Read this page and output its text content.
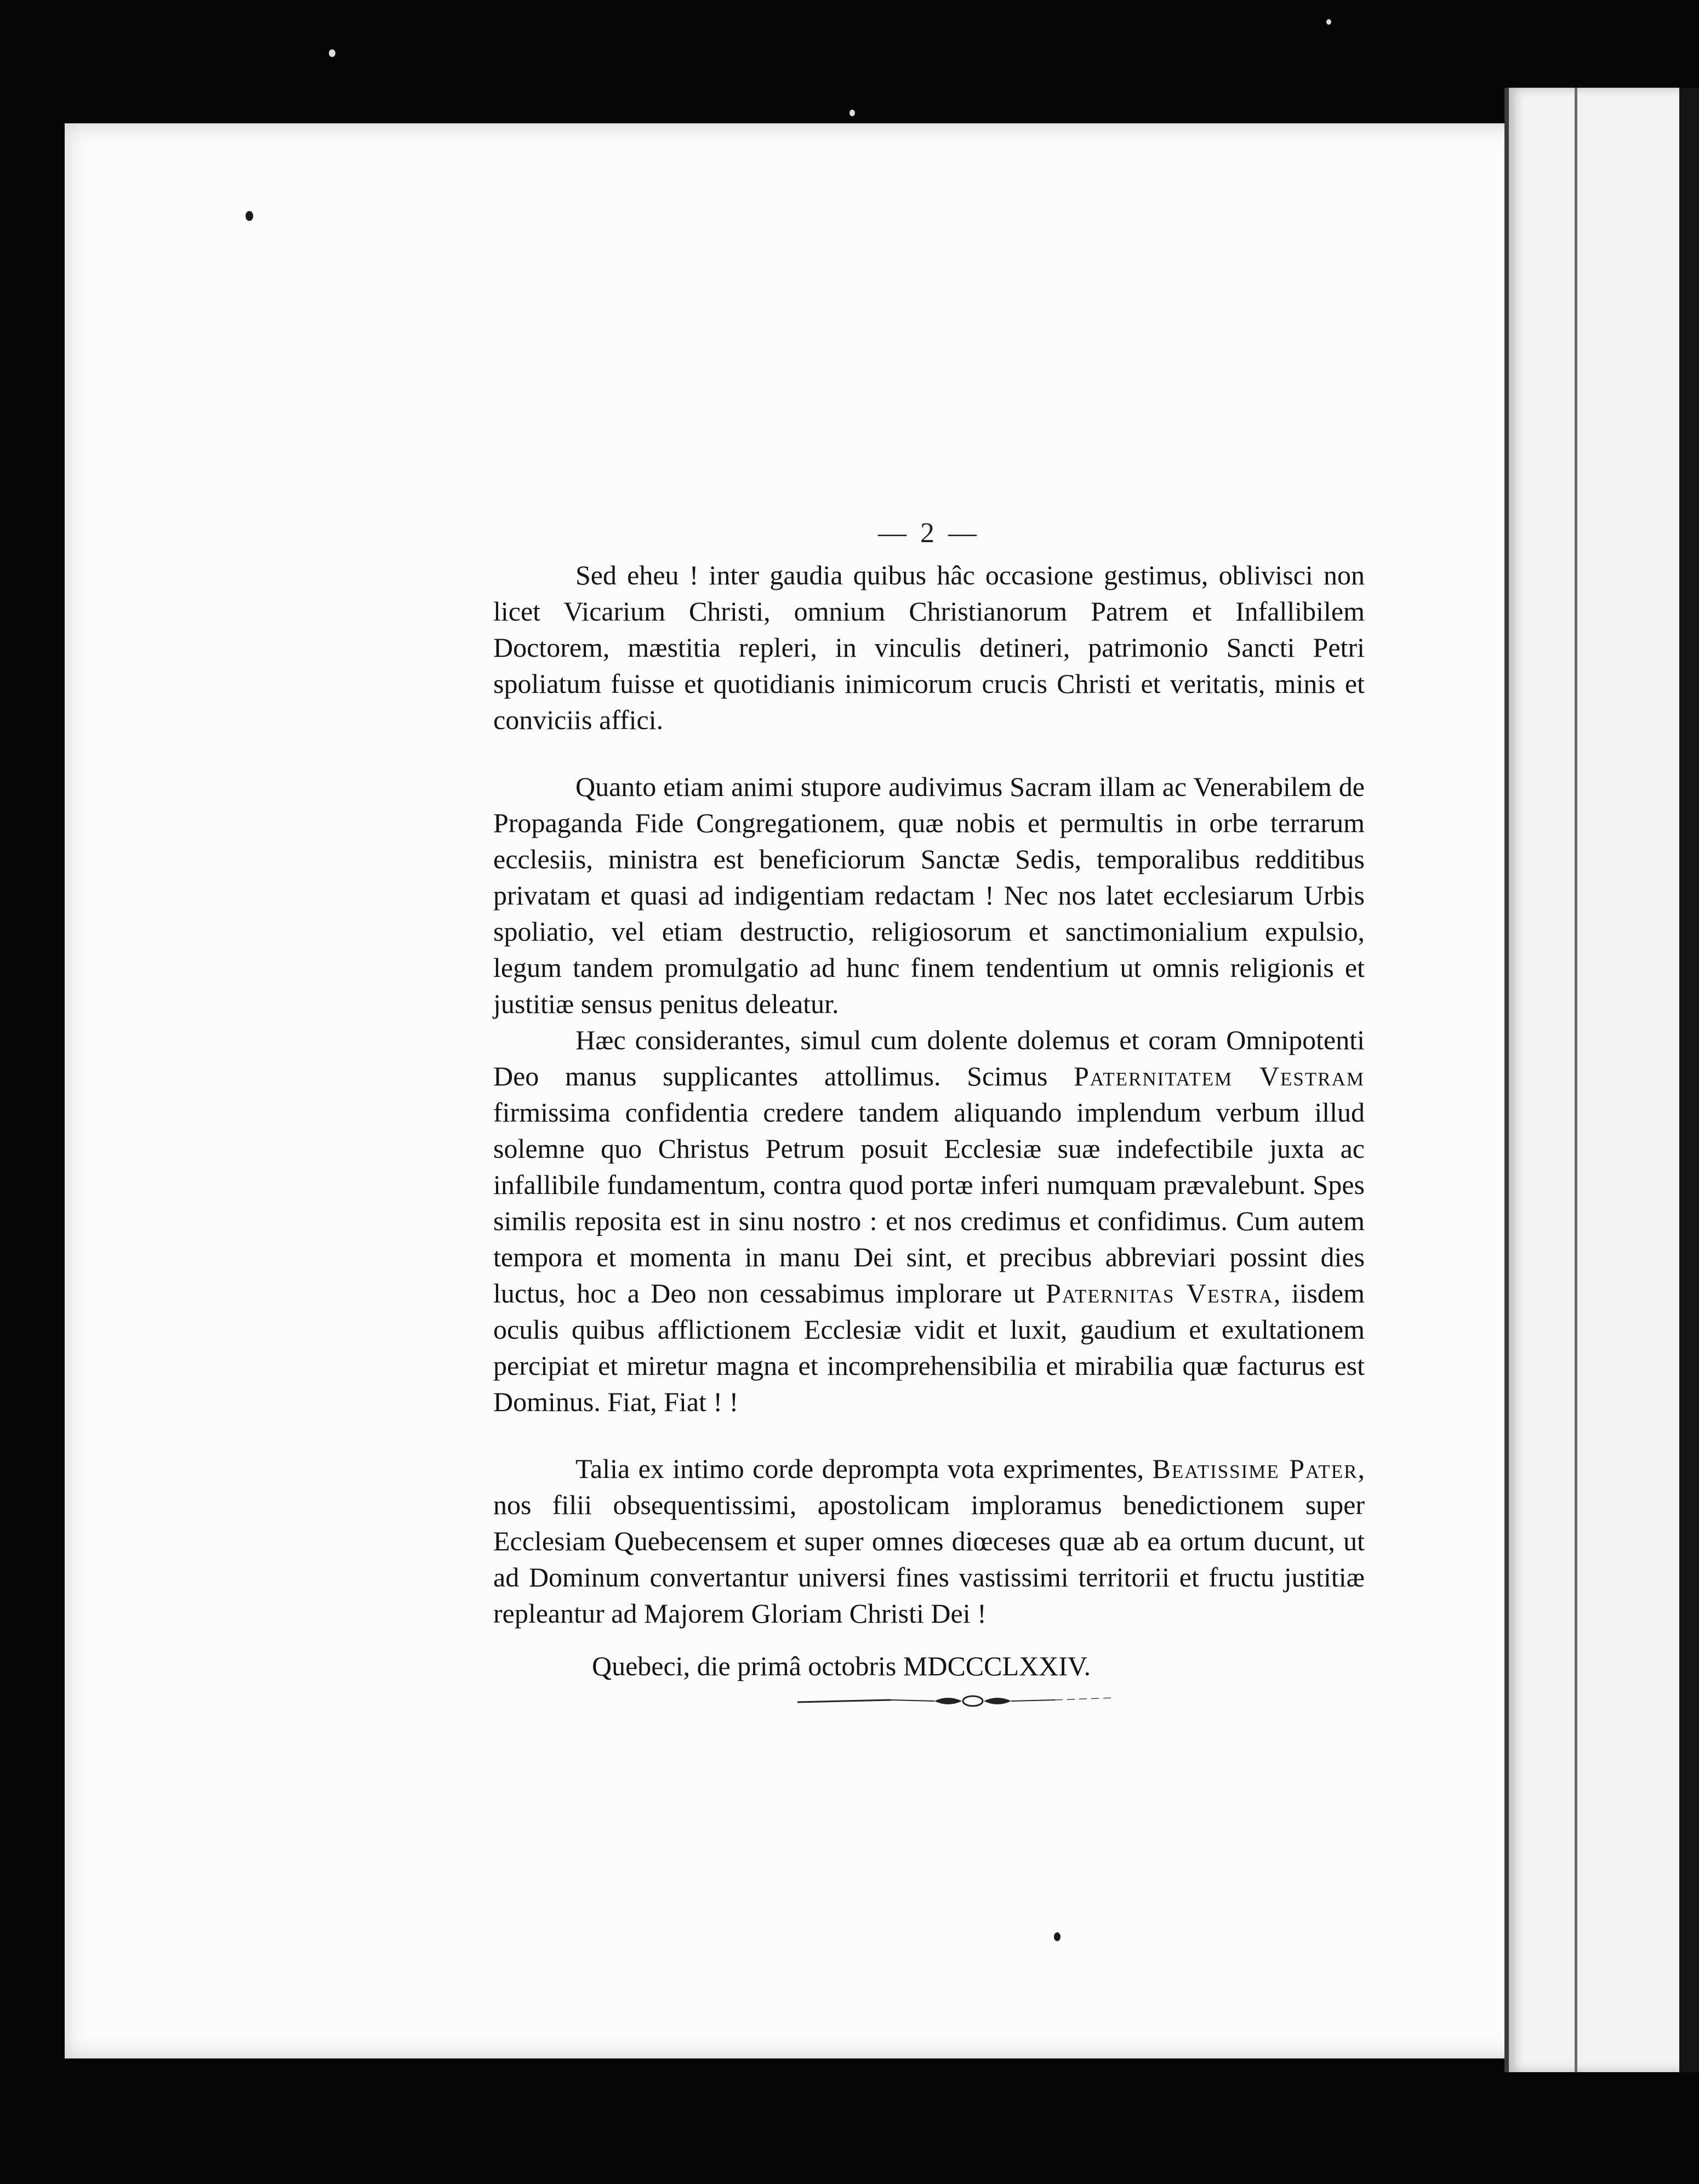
— 2 —

Sed eheu ! inter gaudia quibus hâc occasione gestimus, oblivisci non licet Vicarium Christi, omnium Christianorum Patrem et Infallibilem Doctorem, mæstitia repleri, in vinculis detineri, patrimonio Sancti Petri spoliatum fuisse et quotidianis inimicorum crucis Christi et veritatis, minis et conviciis affici.

Quanto etiam animi stupore audivimus Sacram illam ac Venerabilem de Propaganda Fide Congregationem, quæ nobis et permultis in orbe terrarum ecclesiis, ministra est beneficiorum Sanctæ Sedis, temporalibus redditibus privatam et quasi ad indigentiam redactam ! Nec nos latet ecclesiarum Urbis spoliatio, vel etiam destructio, religiosorum et sanctimonialium expulsio, legum tandem promulgatio ad hunc finem tendentium ut omnis religionis et justitiæ sensus penitus deleatur.

Hæc considerantes, simul cum dolente dolemus et coram Omnipotenti Deo manus supplicantes attollimus. Scimus Paternitatem Vestram firmissima confidentia credere tandem aliquando implendum verbum illud solemne quo Christus Petrum posuit Ecclesiæ suæ indefectibile juxta ac infallibile fundamentum, contra quod portæ inferi numquam prævalebunt. Spes similis reposita est in sinu nostro : et nos credimus et confidimus. Cum autem tempora et momenta in manu Dei sint, et precibus abbreviari possint dies luctus, hoc a Deo non cessabimus implorare ut Paternitas Vestra, iisdem oculis quibus afflictionem Ecclesiæ vidit et luxit, gaudium et exultationem percipiat et miretur magna et incomprehensibilia et mirabilia quæ facturus est Dominus. Fiat, Fiat ! !

Talia ex intimo corde deprompta vota exprimentes, Beatissime Pater, nos filii obsequentissimi, apostolicam imploramus benedictionem super Ecclesiam Quebecensem et super omnes diœceses quæ ab ea ortum ducunt, ut ad Dominum convertantur universi fines vastissimi territorii et fructu justitiæ repleantur ad Majorem Gloriam Christi Dei !

Quebeci, die primâ octobris MDCCCLXXIV.
